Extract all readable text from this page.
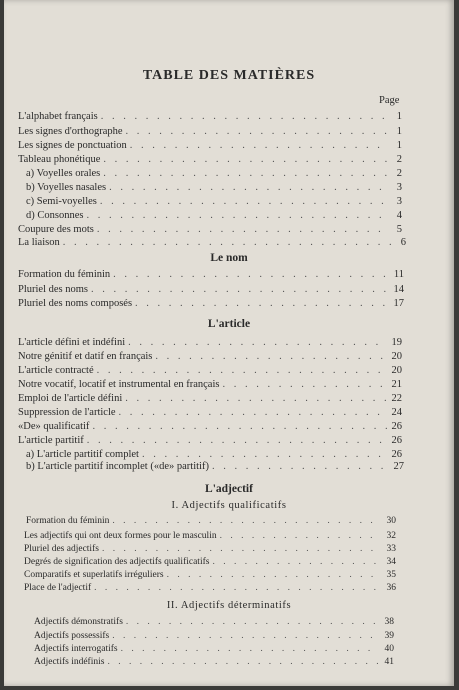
TABLE DES MATIÈRES
Page
L'alphabet français . . .	1
Les signes d'orthographe . . .	1
Les signes de ponctuation . . .	1
Tableau phonétique . . .	2
a) Voyelles orales . . .	2
b) Voyelles nasales . . .	3
c) Semi-voyelles . . .	3
d) Consonnes . . .	4
Coupure des mots . . .	5
La liaison . . .	6
Le nom
Formation du féminin . . .	11
Pluriel des noms . . .	14
Pluriel des noms composés . . .	17
L'article
L'article défini et indéfini . . .	19
Notre génitif et datif en français . . .	20
L'article contracté . . .	20
Notre vocatif, locatif et instrumental en français . . .	21
Emploi de l'article défini . . .	22
Suppression de l'article . . .	24
«De» qualificatif . . .	26
L'article partitif . . .	26
a) L'article partitif complet . . .	26
b) L'article partitif incomplet («de» partitif) . . .	27
L'adjectif
I. Adjectifs qualificatifs
Formation du féminin . . .	30
Les adjectifs qui ont deux formes pour le masculin . . .	32
Pluriel des adjectifs . . .	33
Degrés de signification des adjectifs qualificatifs . . .	34
Comparatifs et superlatifs irréguliers . . .	35
Place de l'adjectif . . .	36
II. Adjectifs déterminatifs
Adjectifs démonstratifs . . .	38
Adjectifs possessifs . . .	39
Adjectifs interrogatifs . . .	40
Adjectifs indéfinis . . .	41
